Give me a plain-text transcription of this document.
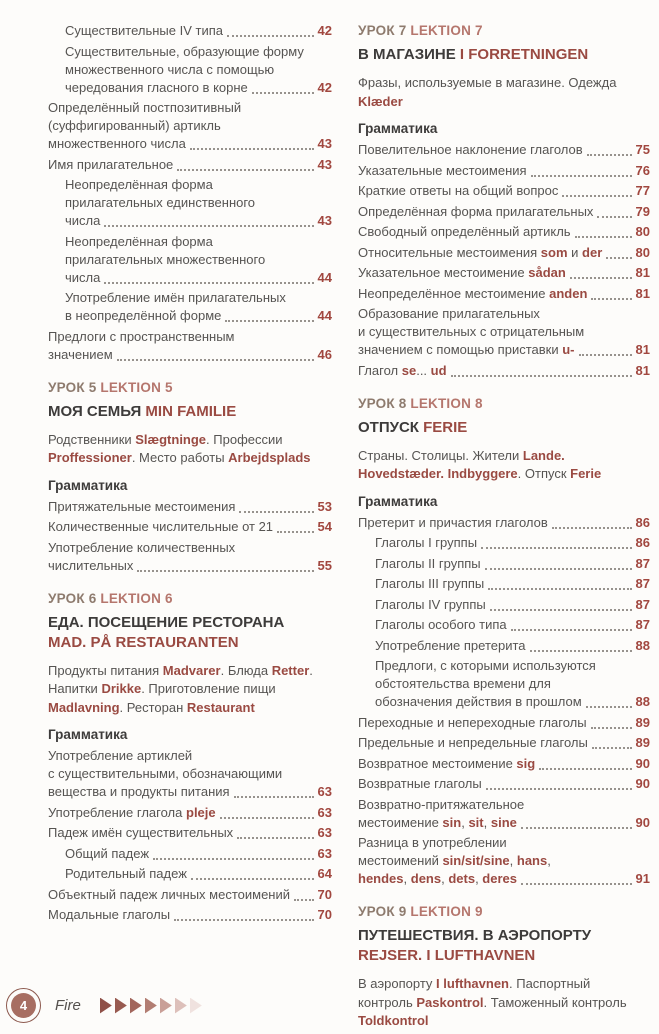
Существительные IV типа	42
Существительные, образующие форму
множественного числа с помощью
чередования гласного в корне	42
Определённый постпозитивный
(суффигированный) артикль
множественного числа	43
Имя прилагательное	43
Неопределённая форма
прилагательных единственного
числа	43
Неопределённая форма
прилагательных множественного
числа	44
Употребление имён прилагательных
в неопределённой форме	44
Предлоги с пространственным
значением	46
УРОК 5 LEKTION 5
МОЯ СЕМЬЯ MIN FAMILIE
Родственники Slægtninge. Профессии
Proffessioner. Место работы Arbejdsplads
Грамматика
Притяжательные местоимения	53
Количественные числительные от 21	54
Употребление количественных
числительных	55
УРОК 6 LEKTION 6
ЕДА. ПОСЕЩЕНИЕ РЕСТОРАНА
MAD. PÅ RESTAURANTEN
Продукты питания Madvarer. Блюда Retter.
Напитки Drikke. Приготовление пищи
Madlavning. Ресторан Restaurant
Грамматика
Употребление артиклей
с существительными, обозначающими
вещества и продукты питания	63
Употребление глагола pleje	63
Падеж имён существительных	63
Общий падеж	63
Родительный падеж	64
Объектный падеж личных местоимений 70
Модальные глаголы	70
УРОК 7 LEKTION 7
В МАГАЗИНЕ I FORRETNINGEN
Фразы, используемые в магазине. Одежда
Klæder
Грамматика
Повелительное наклонение глаголов	75
Указательные местоимения	76
Краткие ответы на общий вопрос	77
Определённая форма прилагательных	79
Свободный определённый артикль	80
Относительные местоимения som и der	80
Указательное местоимение sådan	81
Неопределённое местоимение anden	81
Образование прилагательных
и существительных с отрицательным
значением с помощью приставки u-	81
Глагол se... ud	81
УРОК 8 LEKTION 8
ОТПУСК FERIE
Страны. Столицы. Жители Lande.
Hovedstæder. Indbyggere. Отпуск Ferie
Грамматика
Претерит и причастия глаголов	86
Глаголы I группы	86
Глаголы II группы	87
Глаголы III группы	87
Глаголы IV группы	87
Глаголы особого типа	87
Употребление претерита	88
Предлоги, с которыми используются
обстоятельства времени для
обозначения действия в прошлом	88
Переходные и непереходные глаголы	89
Предельные и непредельные глаголы	89
Возвратное местоимение sig	90
Возвратные глаголы	90
Возвратно-притяжательное
местоимение sin, sit, sine	90
Разница в употреблении
местоимений sin/sit/sine, hans,
hendes, dens, dets, deres	91
УРОК 9 LEKTION 9
ПУТЕШЕСТВИЯ. В АЭРОПОРТУ
REJSER. I LUFTHAVNEN
В аэропорту I lufthavnen. Паспортный
контроль Paskontrol. Таможенный контроль
Toldkontrol
4	Fire
